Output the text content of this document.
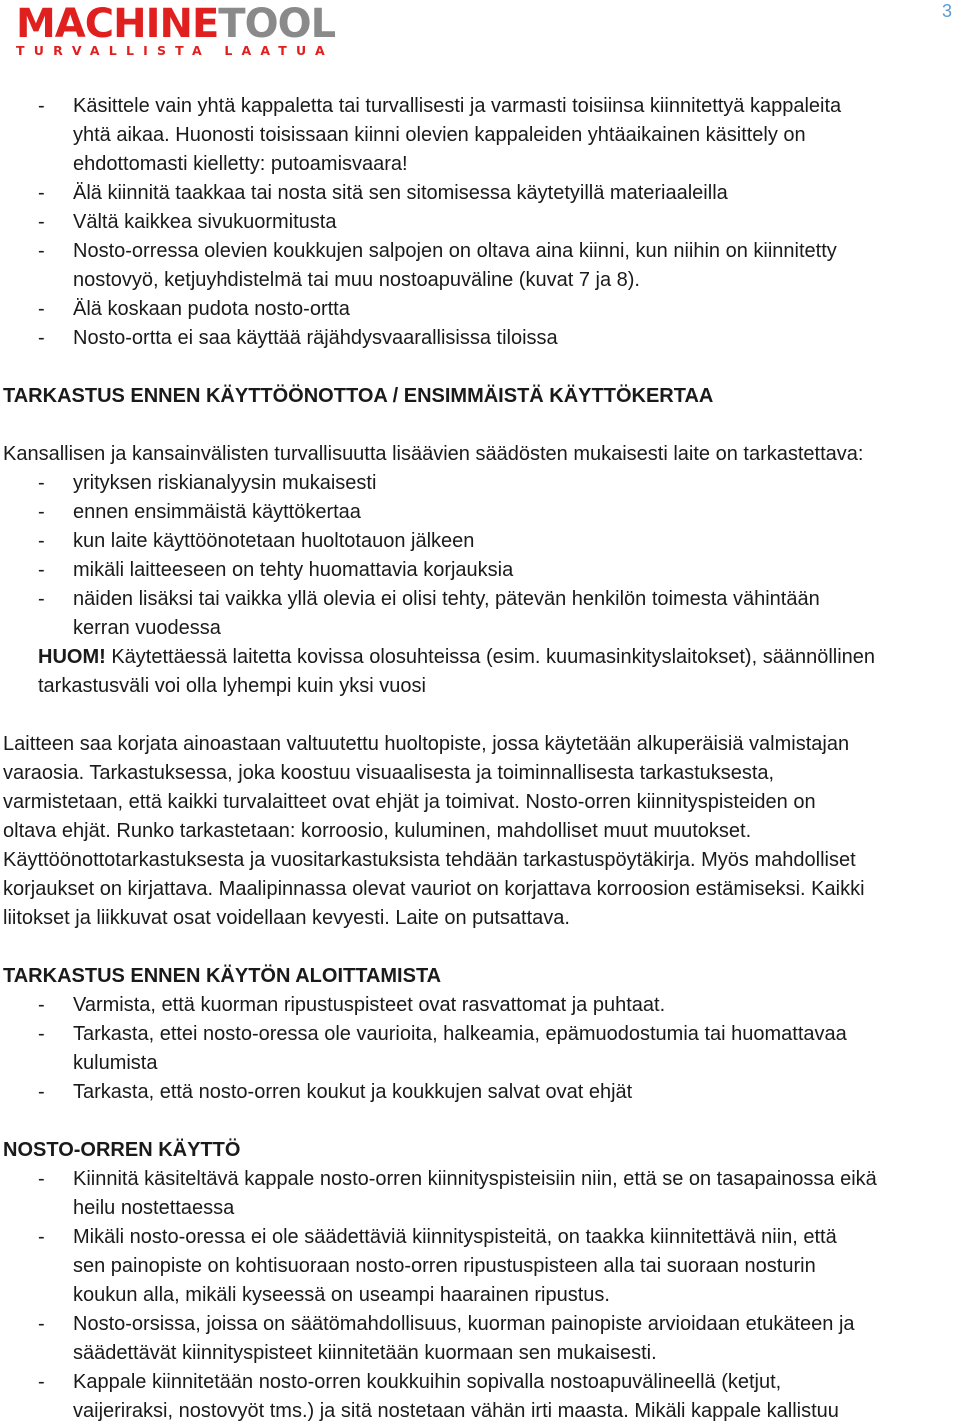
MACHINETOOL
TURVALLISTA LAATUA
3
- Käsittele vain yhtä kappaletta tai turvallisesti ja varmasti toisiinsa kiinnitettyä kappaleita
yhtä aikaa. Huonosti toisissaan kiinni olevien kappaleiden yhtäaikainen käsittely on
ehdottomasti kielletty: putoamisvaara!
- Älä kiinnitä taakkaa tai nosta sitä sen sitomisessa käytetyillä materiaaleilla
- Vältä kaikkea sivukuormitusta
- Nosto-orressa olevien koukkujen salpojen on oltava aina kiinni, kun niihin on kiinnitetty
nostovyö, ketjuyhdistelmä tai muu nostoapuväline (kuvat 7 ja 8).
- Älä koskaan pudota nosto-ortta
- Nosto-ortta ei saa käyttää räjähdysvaarallisissa tiloissa
TARKASTUS ENNEN KÄYTTÖÖNOTTOA / ENSIMMÄISTÄ KÄYTTÖKERTAA
Kansallisen ja kansainvälisten turvallisuutta lisäävien säädösten mukaisesti laite on tarkastettava:
- yrityksen riskianalyysin mukaisesti
- ennen ensimmäistä käyttökertaa
- kun laite käyttöönotetaan huoltotauon jälkeen
- mikäli laitteeseen on tehty huomattavia korjauksia
- näiden lisäksi tai vaikka yllä olevia ei olisi tehty, pätevän henkilön toimesta vähintään
kerran vuodessa
HUOM! Käytettäessä laitetta kovissa olosuhteissa (esim. kuumasinkityslaitokset), säännöllinen
tarkastusväli voi olla lyhempi kuin yksi vuosi
Laitteen saa korjata ainoastaan valtuutettu huoltopiste, jossa käytetään alkuperäisiä valmistajan
varaosia. Tarkastuksessa, joka koostuu visuaalisesta ja toiminnallisesta tarkastuksesta,
varmistetaan, että kaikki turvalaitteet ovat ehjät ja toimivat. Nosto-orren kiinnityspisteiden on
oltava ehjät. Runko tarkastetaan: korroosio, kuluminen, mahdolliset muut muutokset.
Käyttöönottotarkastuksesta ja vuositarkastuksista tehdään tarkastuspöytäkirja. Myös mahdolliset
korjaukset on kirjattava. Maalipinnassa olevat vauriot on korjattava korroosion estämiseksi. Kaikki
liitokset ja liikkuvat osat voidellaan kevyesti. Laite on putsattava.
TARKASTUS ENNEN KÄYTÖN ALOITTAMISTA
- Varmista, että kuorman ripustuspisteet ovat rasvattomat ja puhtaat.
- Tarkasta, ettei nosto-oressa ole vaurioita, halkeamia, epämuodostumia tai huomattavaa
kulumista
- Tarkasta, että nosto-orren koukut ja koukkujen salvat ovat ehjät
NOSTO-ORREN KÄYTTÖ
- Kiinnitä käsiteltävä kappale nosto-orren kiinnityspisteisiin niin, että se on tasapainossa eikä
heilu nostettaessa
- Mikäli nosto-oressa ei ole säädettäviä kiinnityspisteitä, on taakka kiinnitettävä niin, että
sen painopiste on kohtisuoraan nosto-orren ripustuspisteen alla tai suoraan nosturin
koukun alla, mikäli kyseessä on useampi haarainen ripustus.
- Nosto-orsissa, joissa on säätömahdollisuus, kuorman painopiste arvioidaan etukäteen ja
säädettävät kiinnityspisteet kiinnitetään kuormaan sen mukaisesti.
- Kappale kiinnitetään nosto-orren koukkuihin sopivalla nostoapuvälineellä (ketjut,
vaijeriraksi, nostovyöt tms.) ja sitä nostetaan vähän irti maasta. Mikäli kappale kallistuu
